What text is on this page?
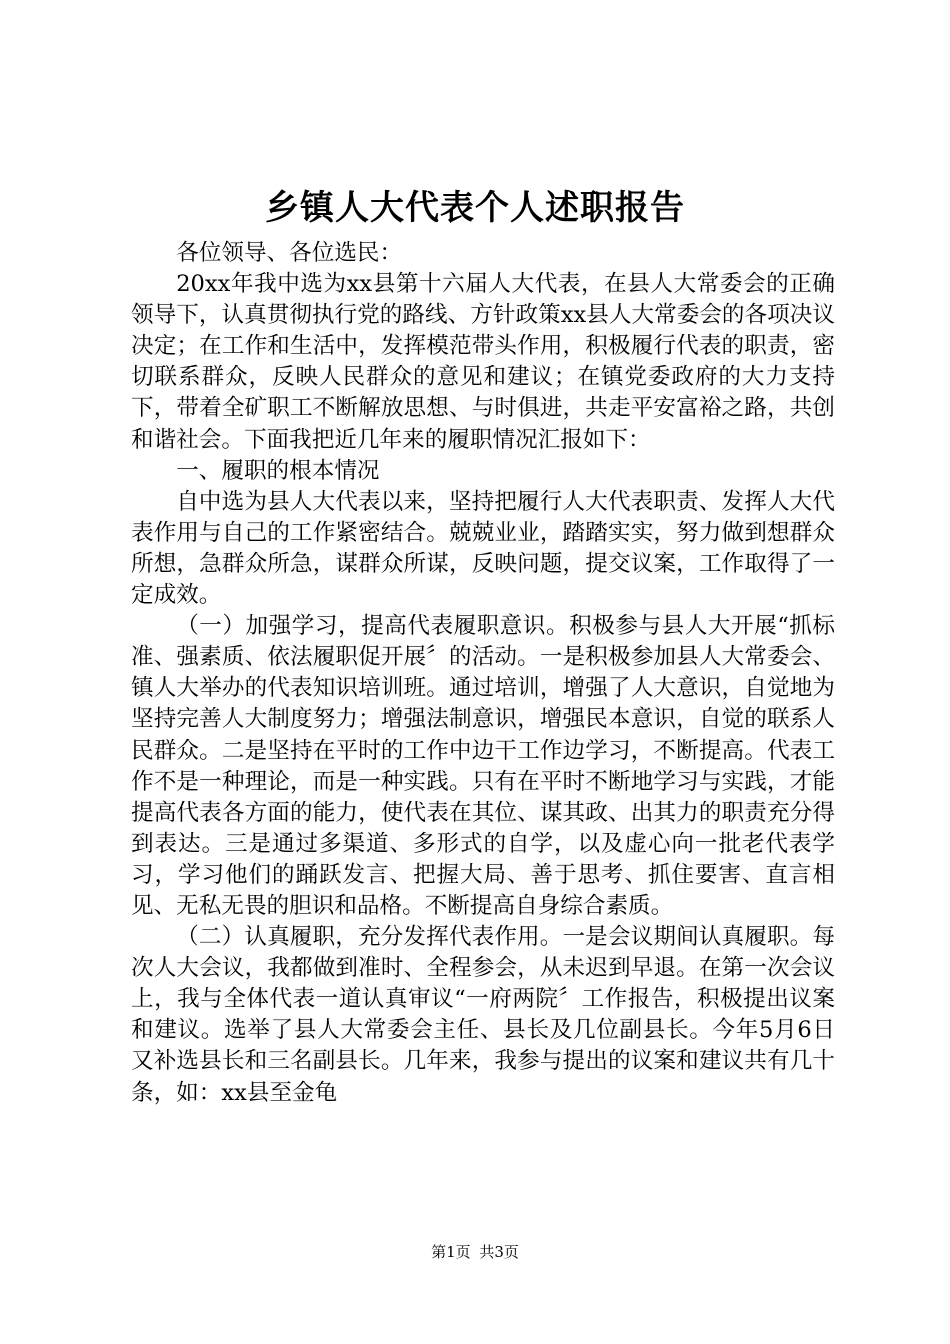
乡镇人大代表个人述职报告

各位领导、各位选民：

20xx年我中选为xx县第十六届人大代表，在县人大常委会的正确领导下，认真贯彻执行党的路线、方针政策xx县人大常委会的各项决议决定；在工作和生活中，发挥模范带头作用，积极履行代表的职责，密切联系群众，反映人民群众的意见和建议；在镇党委政府的大力支持下，带着全矿职工不断解放思想、与时俱进，共走平安富裕之路，共创和谐社会。下面我把近几年来的履职情况汇报如下：

一、履职的根本情况

自中选为县人大代表以来，坚持把履行人大代表职责、发挥人大代表作用与自己的工作紧密结合。兢兢业业，踏踏实实，努力做到想群众所想，急群众所急，谋群众所谋，反映问题，提交议案，工作取得了一定成效。

（一）加强学习，提高代表履职意识。积极参与县人大开展“抓标准、强素质、依法履职促开展〞的活动。一是积极参加县人大常委会、镇人大举办的代表知识培训班。通过培训，增强了人大意识，自觉地为坚持完善人大制度努力；增强法制意识，增强民本意识，自觉的联系人民群众。二是坚持在平时的工作中边干工作边学习，不断提高。代表工作不是一种理论，而是一种实践。只有在平时不断地学习与实践，才能提高代表各方面的能力，使代表在其位、谋其政、出其力的职责充分得到表达。三是通过多渠道、多形式的自学，以及虚心向一批老代表学习，学习他们的踊跃发言、把握大局、善于思考、抓住要害、直言相见、无私无畏的胆识和品格。不断提高自身综合素质。

（二）认真履职，充分发挥代表作用。一是会议期间认真履职。每次人大会议，我都做到准时、全程参会，从未迟到早退。在第一次会议上，我与全体代表一道认真审议“一府两院〞工作报告，积极提出议案和建议。选举了县人大常委会主任、县长及几位副县长。今年5月6日又补选县长和三名副县长。几年来，我参与提出的议案和建议共有几十条，如：xx县至金龟

第1页 共3页
